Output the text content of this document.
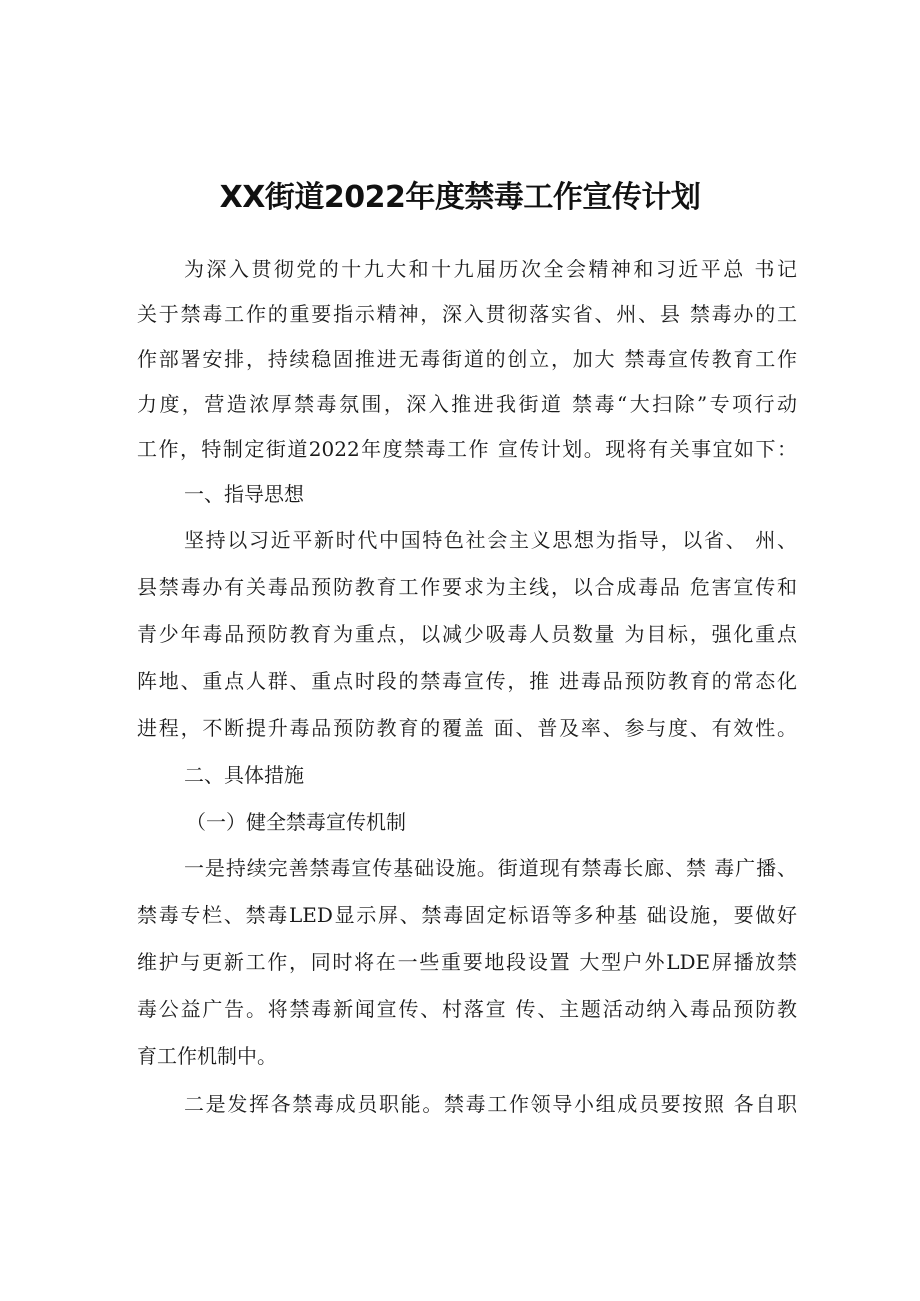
XX街道2022年度禁毒工作宣传计划
为深入贯彻党的十九大和十九届历次全会精神和习近平总 书记
关于禁毒工作的重要指示精神，深入贯彻落实省、州、县 禁毒办的工
作部署安排，持续稳固推进无毒街道的创立，加大 禁毒宣传教育工作
力度，营造浓厚禁毒氛围，深入推进我街道 禁毒“大扫除”专项行动
工作，特制定街道2022年度禁毒工作 宣传计划。现将有关事宜如下：
一、指导思想
坚持以习近平新时代中国特色社会主义思想为指导，以省、 州、
县禁毒办有关毒品预防教育工作要求为主线，以合成毒品 危害宣传和
青少年毒品预防教育为重点，以减少吸毒人员数量 为目标，强化重点
阵地、重点人群、重点时段的禁毒宣传，推 进毒品预防教育的常态化
进程，不断提升毒品预防教育的覆盖 面、普及率、参与度、有效性。
二、具体措施
（一）健全禁毒宣传机制
一是持续完善禁毒宣传基础设施。街道现有禁毒长廊、禁 毒广播、
禁毒专栏、禁毒LED显示屏、禁毒固定标语等多种基 础设施，要做好
维护与更新工作，同时将在一些重要地段设置 大型户外LDE屏播放禁
毒公益广告。将禁毒新闻宣传、村落宣 传、主题活动纳入毒品预防教
育工作机制中。
二是发挥各禁毒成员职能。禁毒工作领导小组成员要按照 各自职
